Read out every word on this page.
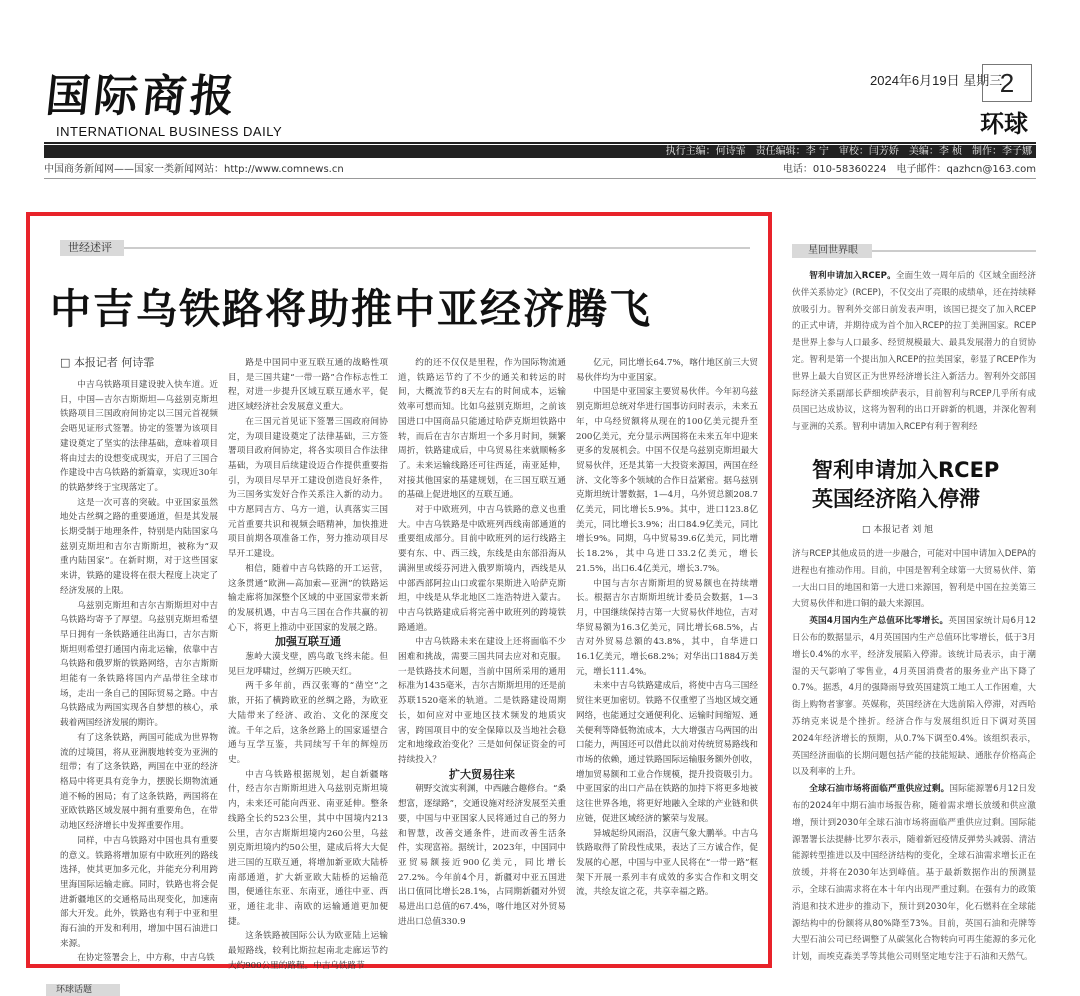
国际商报
INTERNATIONAL BUSINESS DAILY
2024年6月19日 星期三
2
环球
执行主编：何诗霏　责任编辑：李 宁　审校：闫芳娇　美编：李 桢　制作：李子娜
中国商务新闻网——国家一类新闻网站：http://www.comnews.cn	电话：010-58360224　电子邮件：qazhcn@163.com
世经述评
中吉乌铁路将助推中亚经济腾飞
□ 本报记者 何诗霏

中吉乌铁路项目建设驶入快车道。近日，中国—吉尔吉斯斯坦—乌兹别克斯坦铁路项目三国政府间协定以三国元首视频会晤见证形式签署。协定的签署为该项目建设奠定了坚实的法律基础，意味着项目将由过去的设想变成现实，开启了三国合作建设中吉乌铁路的新篇章，实现近30年的铁路梦终于宝现落定了。

这是一次可喜的突破。中亚国家虽然地处古丝绸之路的重要通道，但是其发展长期受制于地理条件，特别是内陆国家乌兹别克斯坦和吉尔吉斯斯坦，被称为“双重内陆国家”。在新时期，对于这些国家来讲，铁路的建设将在很大程度上决定了经济发展的上限。

乌兹别克斯坦和吉尔吉斯斯坦对中吉乌铁路均寄予了厚望。乌兹别克斯坦希望早日拥有一条铁路通往出海口，吉尔吉斯斯坦则希望打通国内南北运输，依靠中吉乌铁路和俄罗斯的铁路网络，吉尔吉斯斯坦能有一条铁路将国内产品带往全球市场，走出一条自己的国际贸易之路。中吉乌铁路成为两国实现各自梦想的核心，承载着两国经济发展的期许。

有了这条铁路，两国可能成为世界物流的过境国，将从亚洲腹地转变为亚洲的纽带；有了这条铁路，两国在中亚的经济格局中将更具有竞争力，摆脱长期物流通道不畅的困局；有了这条铁路，两国将在亚欧铁路区域发展中拥有重要角色，在带动地区经济增长中发挥重要作用。

同样，中吉乌铁路对中国也具有重要的意义。铁路将增加原有中欧班列的路线选择，使其更加多元化，并能充分利用跨里海国际运输走廊。同时，铁路也将会促进新疆地区的交通格局出现变化，加速南部大开发。此外，铁路也有利于中亚和里海石油的开发和利用，增加中国石油进口来源。

在协定签署会上，中方称，中吉乌铁

路是中国同中亚互联互通的战略性项目，是三国共建“一带一路”合作标志性工程，对进一步提升区域互联互通水平，促进区域经济社会发展意义重大。

在三国元首见证下签署三国政府间协定，为项目建设奠定了法律基础，三方签署项目政府间协定，将各实项目合作法律基础，为项目后续建设迈合作提供重要指引，为项目尽早开工建设创造良好条件，为三国务实发好合作关系注入新的动力。中方愿同吉方、乌方一道，认真落实三国元首重要共识和视频会晤精神，加快推进项目前期各项准备工作，努力推动项目尽早开工建设。

相信，随着中吉乌铁路的开工运营，这条贯通“欧洲—高加索—亚洲”的铁路运输走廊将加深整个区域的中亚国家带来新的发展机遇，中吉乌三国在合作共赢的初心下，将更上推动中亚国家的发展之路。

加强互联互通

葱岭大漠戈壁，鸥鸟敢飞终未能。但见巨龙呼啸过，丝绸万匹映天红。

两千多年前，西汉张骞的“凿空”之旅，开拓了横跨欧亚的丝绸之路，为欧亚大陆带来了经济、政治、文化的深度交流。千年之后，这条丝路上的国家遥望合通与互学互鉴，共同续写千年的辉煌历史。

中吉乌铁路根据规划，起自新疆喀什，经吉尔吉斯斯坦进入乌兹别克斯坦境内，未来还可能向西亚、南亚延伸。整条线路全长约523公里，其中中国境内213公里，吉尔吉斯斯坦境内260公里，乌兹别克斯坦境内约50公里，建成后将大大促进三国的互联互通，将增加新亚欧大陆桥南部通道，扩大新亚欧大陆桥的运输范围，便通往东亚、东南亚，通往中亚、西亚，通往北非、南欧的运输通道更加便捷。

这条铁路被国际公认为欧亚陆上运输最短路线，较利比斯拉起南北走廊运节约大约900公里的路程。中吉乌铁路节

约的还不仅仅是里程，作为国际物流通道，铁路运节约了不少的通关和转运的时间，大概流节约8天左右的时间成本，运输效率可想而知。比如乌兹别克斯坦，之前该国进口中国商品只能通过哈萨克斯坦铁路中转，而后在吉尔吉斯坦一个多月时间，频繁周折，铁路建成后，中乌贸易往来就顺畅多了。未来运输线路还可往西延，南亚延伸，对接其他国家的基建规划，在三国互联互通的基础上促进地区的互联互通。

对于中欧班列，中吉乌铁路的意义也重大。中吉乌铁路是中欧班列西线南部通道的重要组成部分。目前中欧班列的运行线路主要有东、中、西三线，东线是由东部沿海从满洲里或绥芬河进入俄罗斯境内，西线是从中部西部阿拉山口或霍尔果斯进入哈萨克斯坦，中线是从华北地区二连浩特进入蒙古。中吉乌铁路建成后将完善中欧班列的跨境铁路通道。

中吉乌铁路未来在建设上还将面临不少困难和挑战，需要三国共同去应对和克服。一是铁路技术问题，当前中国所采用的通用标准为1435毫米，吉尔吉斯斯坦用的还是前苏联1520毫米的轨道。二是铁路建设周期长，如何应对中亚地区技术频发的地质灾害，跨国项目中的安全保障以及当地社会稳定和地缘政治变化？三是如何保证资金的可持续投入？

扩大贸易往来

朝野交流实利渊，中西融合趣修台。“桑想富，逐绿路”，交通设施对经济发展至关重要，中国与中亚国家人民将通过自己的努力和智慧，改善交通条件，进而改善生活条件，实现富裕。据统计，2023年，中国同中亚贸易额接近900亿美元，同比增长27.2%。今年前4个月，新疆对中亚五国进出口值同比增长28.1%，占同期新疆对外贸易进出口总值的67.4%，喀什地区对外贸易进出口总值330.9

亿元，同比增长64.7%，喀什地区前三大贸易伙伴均为中亚国家。

中国是中亚国家主要贸易伙伴。今年初乌兹别克斯坦总统对华进行国事访问时表示，未来五年，中乌经贸额将从现在的100亿美元提升至200亿美元，充分显示两国将在未来五年中迎来更多的发展机会。中国不仅是乌兹别克斯坦最大贸易伙伴，还是其第一大投资来源国，两国在经济、文化等多个领域的合作日益紧密。据乌兹别克斯坦统计署数据，1—4月，乌外贸总额208.7亿美元，同比增长5.9%。其中，进口123.8亿美元，同比增长3.9%；出口84.9亿美元，同比增长9%。同期，乌中贸易39.6亿美元，同比增长18.2%，其中乌进口33.2亿美元，增长21.5%，出口6.4亿美元，增长3.7%。

中国与吉尔吉斯斯坦的贸易额也在持续增长。根据吉尔吉斯斯坦统计委员会数据，1—3月，中国继续保持吉第一大贸易伙伴地位，吉对华贸易额为16.3亿美元，同比增长68.5%，占吉对外贸易总额的43.8%，其中，自华进口16.1亿美元，增长68.2%；对华出口1884万美元，增长111.4%。

未来中吉乌铁路建成后，将使中吉乌三国经贸往来更加密切。铁路不仅重塑了当地区域交通网络，也能通过交通便利化、运输时间缩短、通关便利等降低物流成本，大大增强吉乌两国的出口能力，两国还可以借此以前对传统贸易路线和市场的依赖，通过铁路国际运输服务额外创收，增加贸易额和工业合作规模，提升投资吸引力。中亚国家的出口产品在铁路的加持下将更多地被这往世界各地，将更好地融入全球的产业链和供应链，促进区域经济的繁荣与发展。

异城起纷风雨沿，汉唐气象大鹏举。中吉乌铁路取得了阶段性成果，表达了三方诚合作，促发展的心愿，中国与中亚人民将在“一带一路”框架下开展一系列丰有成效的多实合作和文明交流，共绘友谊之花，共享幸福之路。

星回世界眼

智利申请加入RCEP。全面生效一周年后的《区域全面经济伙伴关系协定》(RCEP)，不仅交出了亮眼的成绩单，还在持续释放吸引力。智利外交部日前发表声明，该国已提交了加入RCEP的正式申请，并期待成为首个加入RCEP的拉丁美洲国家。RCEP是世界上参与人口最多、经贸规模最大、最具发展潜力的自贸协定。智利是第一个提出加入RCEP的拉美国家，彰显了RCEP作为世界上最大自贸区正为世界经济增长注入新活力。智利外交部国际经济关系副部长萨细埃萨表示，目前智利与RCEP几乎所有成员国已达成协议，这将为智利的出口开辟新的机遇，并深化智利与亚洲的关系。智利申请加入RCEP有利于智利经

智利申请加入RCEP
英国经济陷入停滞
□ 本报记者 刘 旭

济与RCEP其他成员的进一步融合，可能对中国申请加入DEPA的进程也有推动作用。目前，中国是智利全球第一大贸易伙伴、第一大出口目的地国和第一大进口来源国，智利是中国在拉美第三大贸易伙伴和进口铜的最大来源国。

英国4月国内生产总值环比零增长。英国国家统计局6月12日公布的数据显示，4月英国国内生产总值环比零增长，低于3月增长0.4%的水平，经济发展陷入停滞。该统计局表示，由于潮湿的天气影响了零售业，4月英国消费者的服务业产出下降了0.7%。据悉，4月的强降雨导致英国建筑工地工人工作困难，大街上购物者寥寥。英媒称，英国经济在大选前陷入停滞，对西哈苏纳克来说是个挫折。经济合作与发展组织近日下调对英国2024年经济增长的预期，从0.7%下调至0.4%。该组织表示，英国经济面临的长期问题包括产能的技能短缺、通胀存价格高企以及利率的上升。

全球石油市场将面临严重供应过剩。国际能源署6月12日发布的2024年中期石油市场报告称，随着需求增长放缓和供应激增，预计到2030年全球石油市场将面临严重供应过剩。国际能源署署长法提赫·比罗尔表示，随着新冠疫情反弹势头减弱、清洁能源转型推进以及中国经济结构的变化，全球石油需求增长正在放缓，并将在2030年达到峰值。基于最新数据作出的预测显示，全球石油需求将在本十年内出现严重过剩。在强有力的政策消退和技术进步的推动下，预计到2030年，化石燃料在全球能源结构中的份额将从80%降至73%。目前，英国石油和壳牌等大型石油公司已经调整了从碳氢化合物转向可再生能源的多元化计划，而埃克森美孚等其他公司则坚定地专注于石油和天然气。

环球话题
